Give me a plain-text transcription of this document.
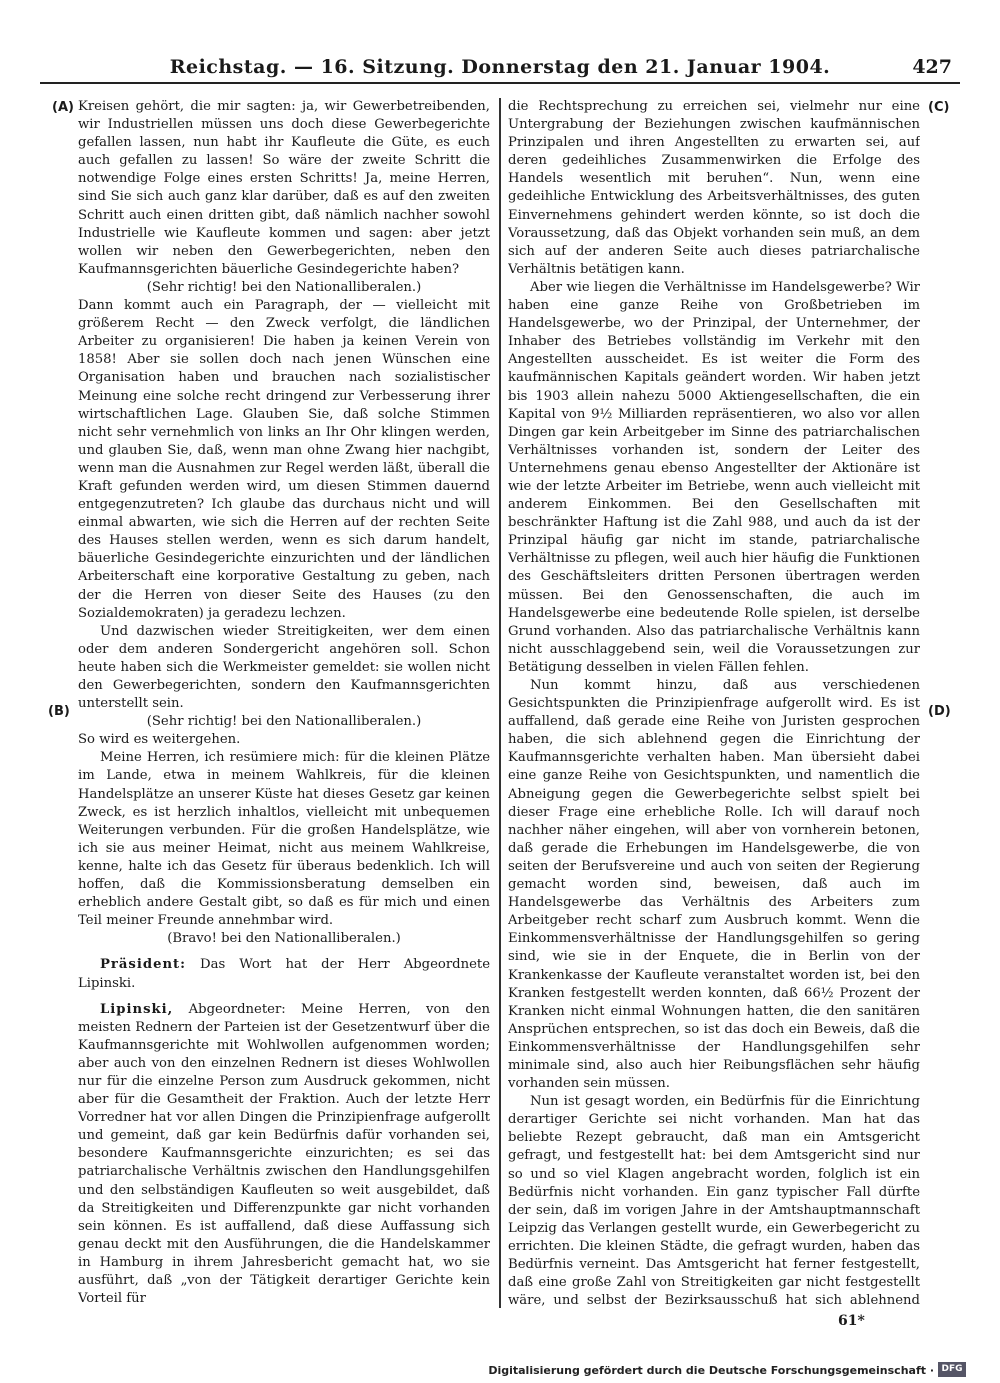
Reichstag. — 16. Sitzung. Donnerstag den 21. Januar 1904.	427
(A)
(B)
(C)
(D)

Kreisen gehört, die mir sagten: ja, wir Gewerbetreibenden, wir Industriellen müssen uns doch diese Gewerbegerichte gefallen lassen, nun habt ihr Kaufleute die Güte, es euch auch gefallen zu lassen! So wäre der zweite Schritt die notwendige Folge eines ersten Schritts! Ja, meine Herren, sind Sie sich auch ganz klar darüber, daß es auf den zweiten Schritt auch einen dritten gibt, daß nämlich nachher sowohl Industrielle wie Kaufleute kommen und sagen: aber jetzt wollen wir neben den Gewerbegerichten, neben den Kaufmannsgerichten bäuerliche Gesindegerichte haben?

(Sehr richtig! bei den Nationalliberalen.)

Dann kommt auch ein Paragraph, der — vielleicht mit größerem Recht — den Zweck verfolgt, die ländlichen Arbeiter zu organisieren! Die haben ja keinen Verein von 1858! Aber sie sollen doch nach jenen Wünschen eine Organisation haben und brauchen nach sozialistischer Meinung eine solche recht dringend zur Verbesserung ihrer wirtschaftlichen Lage. Glauben Sie, daß solche Stimmen nicht sehr vernehmlich von links an Ihr Ohr klingen werden, und glauben Sie, daß, wenn man ohne Zwang hier nachgibt, wenn man die Ausnahmen zur Regel werden läßt, überall die Kraft gefunden werden wird, um diesen Stimmen dauernd entgegenzutreten? Ich glaube das durchaus nicht und will einmal abwarten, wie sich die Herren auf der rechten Seite des Hauses stellen werden, wenn es sich darum handelt, bäuerliche Gesindegerichte einzurichten und der ländlichen Arbeiterschaft eine korporative Gestaltung zu geben, nach der die Herren von dieser Seite des Hauses (zu den Sozialdemokraten) ja geradezu lechzen.

Und dazwischen wieder Streitigkeiten, wer dem einen oder dem anderen Sondergericht angehören soll. Schon heute haben sich die Werkmeister gemeldet: sie wollen nicht den Gewerbegerichten, sondern den Kaufmannsgerichten unterstellt sein.

(Sehr richtig! bei den Nationalliberalen.)

So wird es weitergehen.

Meine Herren, ich resümiere mich: für die kleinen Plätze im Lande, etwa in meinem Wahlkreis, für die kleinen Handelsplätze an unserer Küste hat dieses Gesetz gar keinen Zweck, es ist herzlich inhaltlos, vielleicht mit unbequemen Weiterungen verbunden. Für die großen Handelsplätze, wie ich sie aus meiner Heimat, nicht aus meinem Wahlkreise, kenne, halte ich das Gesetz für überaus bedenklich. Ich will hoffen, daß die Kommissionsberatung demselben ein erheblich andere Gestalt gibt, so daß es für mich und einen Teil meiner Freunde annehmbar wird.

(Bravo! bei den Nationalliberalen.)

Präsident: Das Wort hat der Herr Abgeordnete Lipinski.

Lipinski, Abgeordneter: Meine Herren, von den meisten Rednern der Parteien ist der Gesetzentwurf über die Kaufmannsgerichte mit Wohlwollen aufgenommen worden; aber auch von den einzelnen Rednern ist dieses Wohlwollen nur für die einzelne Person zum Ausdruck gekommen, nicht aber für die Gesamtheit der Fraktion. Auch der letzte Herr Vorredner hat vor allen Dingen die Prinzipienfrage aufgerollt und gemeint, daß gar kein Bedürfnis dafür vorhanden sei, besondere Kaufmannsgerichte einzurichten; es sei das patriarchalische Verhältnis zwischen den Handlungsgehilfen und den selbständigen Kaufleuten so weit ausgebildet, daß da Streitigkeiten und Differenzpunkte gar nicht vorhanden sein können. Es ist auffallend, daß diese Auffassung sich genau deckt mit den Ausführungen, die die Handelskammer in Hamburg in ihrem Jahresbericht gemacht hat, wo sie ausführt, daß „von der Tätigkeit derartiger Gerichte kein Vorteil für

die Rechtsprechung zu erreichen sei, vielmehr nur eine Untergrabung der Beziehungen zwischen kaufmännischen Prinzipalen und ihren Angestellten zu erwarten sei, auf deren gedeihliches Zusammenwirken die Erfolge des Handels wesentlich mit beruhen“. Nun, wenn eine gedeihliche Entwicklung des Arbeitsverhältnisses, des guten Einvernehmens gehindert werden könnte, so ist doch die Voraussetzung, daß das Objekt vorhanden sein muß, an dem sich auf der anderen Seite auch dieses patriarchalische Verhältnis betätigen kann.

Aber wie liegen die Verhältnisse im Handelsgewerbe? Wir haben eine ganze Reihe von Großbetrieben im Handelsgewerbe, wo der Prinzipal, der Unternehmer, der Inhaber des Betriebes vollständig im Verkehr mit den Angestellten ausscheidet. Es ist weiter die Form des kaufmännischen Kapitals geändert worden. Wir haben jetzt bis 1903 allein nahezu 5000 Aktiengesellschaften, die ein Kapital von 9½ Milliarden repräsentieren, wo also vor allen Dingen gar kein Arbeitgeber im Sinne des patriarchalischen Verhältnisses vorhanden ist, sondern der Leiter des Unternehmens genau ebenso Angestellter der Aktionäre ist wie der letzte Arbeiter im Betriebe, wenn auch vielleicht mit anderem Einkommen. Bei den Gesellschaften mit beschränkter Haftung ist die Zahl 988, und auch da ist der Prinzipal häufig gar nicht im stande, patriarchalische Verhältnisse zu pflegen, weil auch hier häufig die Funktionen des Geschäftsleiters dritten Personen übertragen werden müssen. Bei den Genossenschaften, die auch im Handelsgewerbe eine bedeutende Rolle spielen, ist derselbe Grund vorhanden. Also das patriarchalische Verhältnis kann nicht ausschlaggebend sein, weil die Voraussetzungen zur Betätigung desselben in vielen Fällen fehlen.

Nun kommt hinzu, daß aus verschiedenen Gesichtspunkten die Prinzipienfrage aufgerollt wird. Es ist auffallend, daß gerade eine Reihe von Juristen gesprochen haben, die sich ablehnend gegen die Einrichtung der Kaufmannsgerichte verhalten haben. Man übersieht dabei eine ganze Reihe von Gesichtspunkten, und namentlich die Abneigung gegen die Gewerbegerichte selbst spielt bei dieser Frage eine erhebliche Rolle. Ich will darauf noch nachher näher eingehen, will aber von vornherein betonen, daß gerade die Erhebungen im Handelsgewerbe, die von seiten der Berufsvereine und auch von seiten der Regierung gemacht worden sind, beweisen, daß auch im Handelsgewerbe das Verhältnis des Arbeiters zum Arbeitgeber recht scharf zum Ausbruch kommt. Wenn die Einkommensverhältnisse der Handlungsgehilfen so gering sind, wie sie in der Enquete, die in Berlin von der Krankenkasse der Kaufleute veranstaltet worden ist, bei den Kranken festgestellt werden konnten, daß 66½ Prozent der Kranken nicht einmal Wohnungen hatten, die den sanitären Ansprüchen entsprechen, so ist das doch ein Beweis, daß die Einkommensverhältnisse der Handlungsgehilfen sehr minimale sind, also auch hier Reibungsflächen sehr häufig vorhanden sein müssen.

Nun ist gesagt worden, ein Bedürfnis für die Einrichtung derartiger Gerichte sei nicht vorhanden. Man hat das beliebte Rezept gebraucht, daß man ein Amtsgericht gefragt, und festgestellt hat: bei dem Amtsgericht sind nur so und so viel Klagen angebracht worden, folglich ist ein Bedürfnis nicht vorhanden. Ein ganz typischer Fall dürfte der sein, daß im vorigen Jahre in der Amtshauptmannschaft Leipzig das Verlangen gestellt wurde, ein Gewerbegericht zu errichten. Die kleinen Städte, die gefragt wurden, haben das Bedürfnis verneint. Das Amtsgericht hat ferner festgestellt, daß eine große Zahl von Streitigkeiten gar nicht festgestellt wäre, und selbst der Bezirksausschuß hat sich ablehnend

61*
Digitalisierung gefördert durch die Deutsche Forschungsgemeinschaft · DFG
